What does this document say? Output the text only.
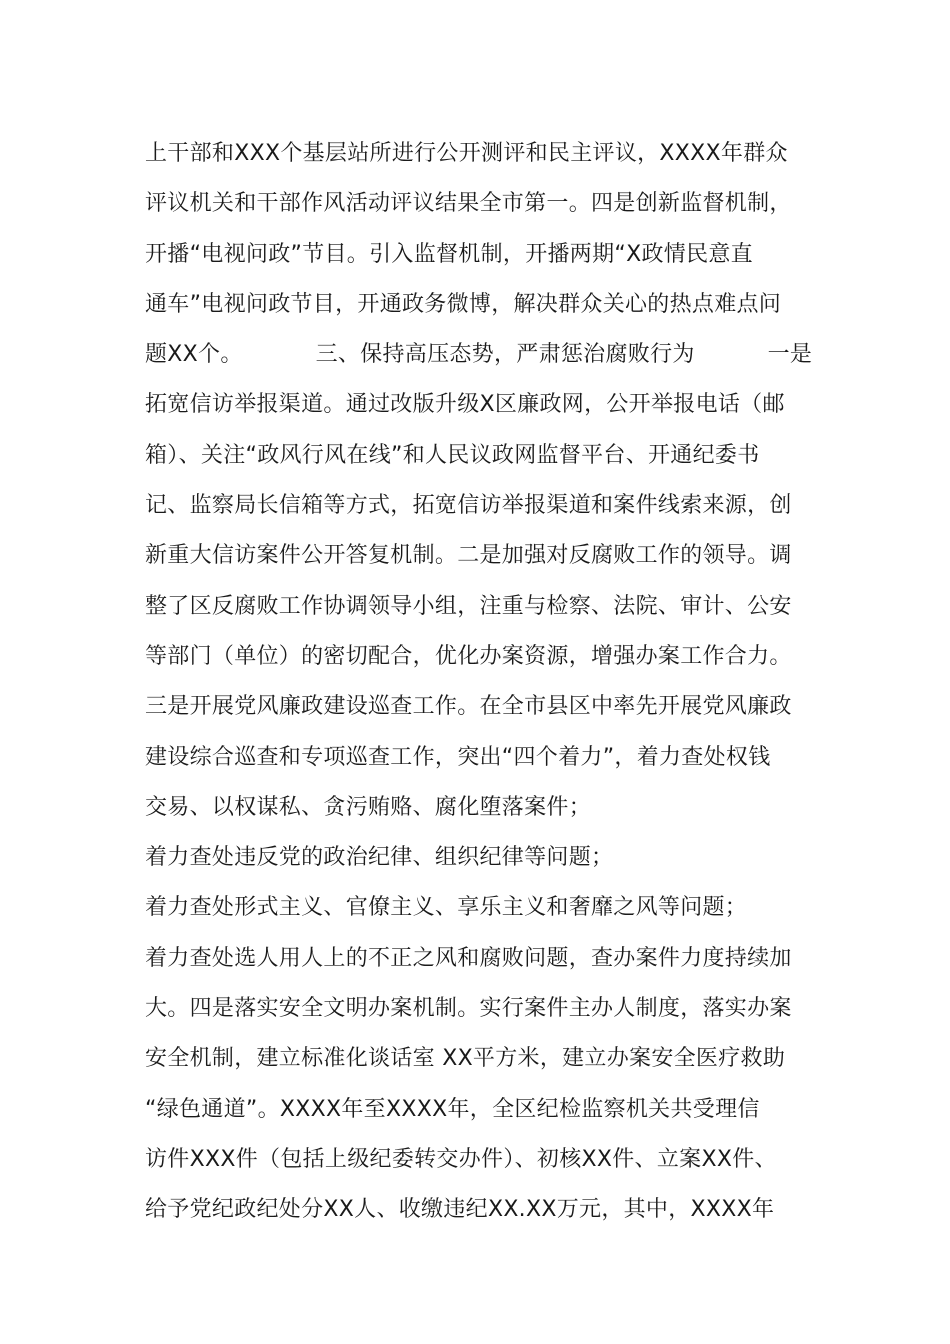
上干部和XXX个基层站所进行公开测评和民主评议，XXXX年群众
评议机关和干部作风活动评议结果全市第一。四是创新监督机制，
开播“电视问政”节目。引入监督机制，开播两期“X政情民意直
通车”电视问政节目，开通政务微博，解决群众关心的热点难点问
题XX个。          三、保持高压态势，严肃惩治腐败行为          一是
拓宽信访举报渠道。通过改版升级X区廉政网，公开举报电话（邮
箱）、关注“政风行风在线”和人民议政网监督平台、开通纪委书
记、监察局长信箱等方式，拓宽信访举报渠道和案件线索来源，创
新重大信访案件公开答复机制。二是加强对反腐败工作的领导。调
整了区反腐败工作协调领导小组，注重与检察、法院、审计、公安
等部门（单位）的密切配合，优化办案资源，增强办案工作合力。
三是开展党风廉政建设巡查工作。在全市县区中率先开展党风廉政
建设综合巡查和专项巡查工作，突出“四个着力”，着力查处权钱
交易、以权谋私、贪污贿赂、腐化堕落案件；
着力查处违反党的政治纪律、组织纪律等问题；
着力查处形式主义、官僚主义、享乐主义和奢靡之风等问题；
着力查处选人用人上的不正之风和腐败问题，查办案件力度持续加
大。四是落实安全文明办案机制。实行案件主办人制度，落实办案
安全机制，建立标准化谈话室 XX平方米，建立办案安全医疗救助
“绿色通道”。XXXX年至XXXX年，全区纪检监察机关共受理信
访件XXX件（包括上级纪委转交办件）、初核XX件、立案XX件、
给予党纪政纪处分XX人、收缴违纪XX.XX万元，其中，XXXX年
